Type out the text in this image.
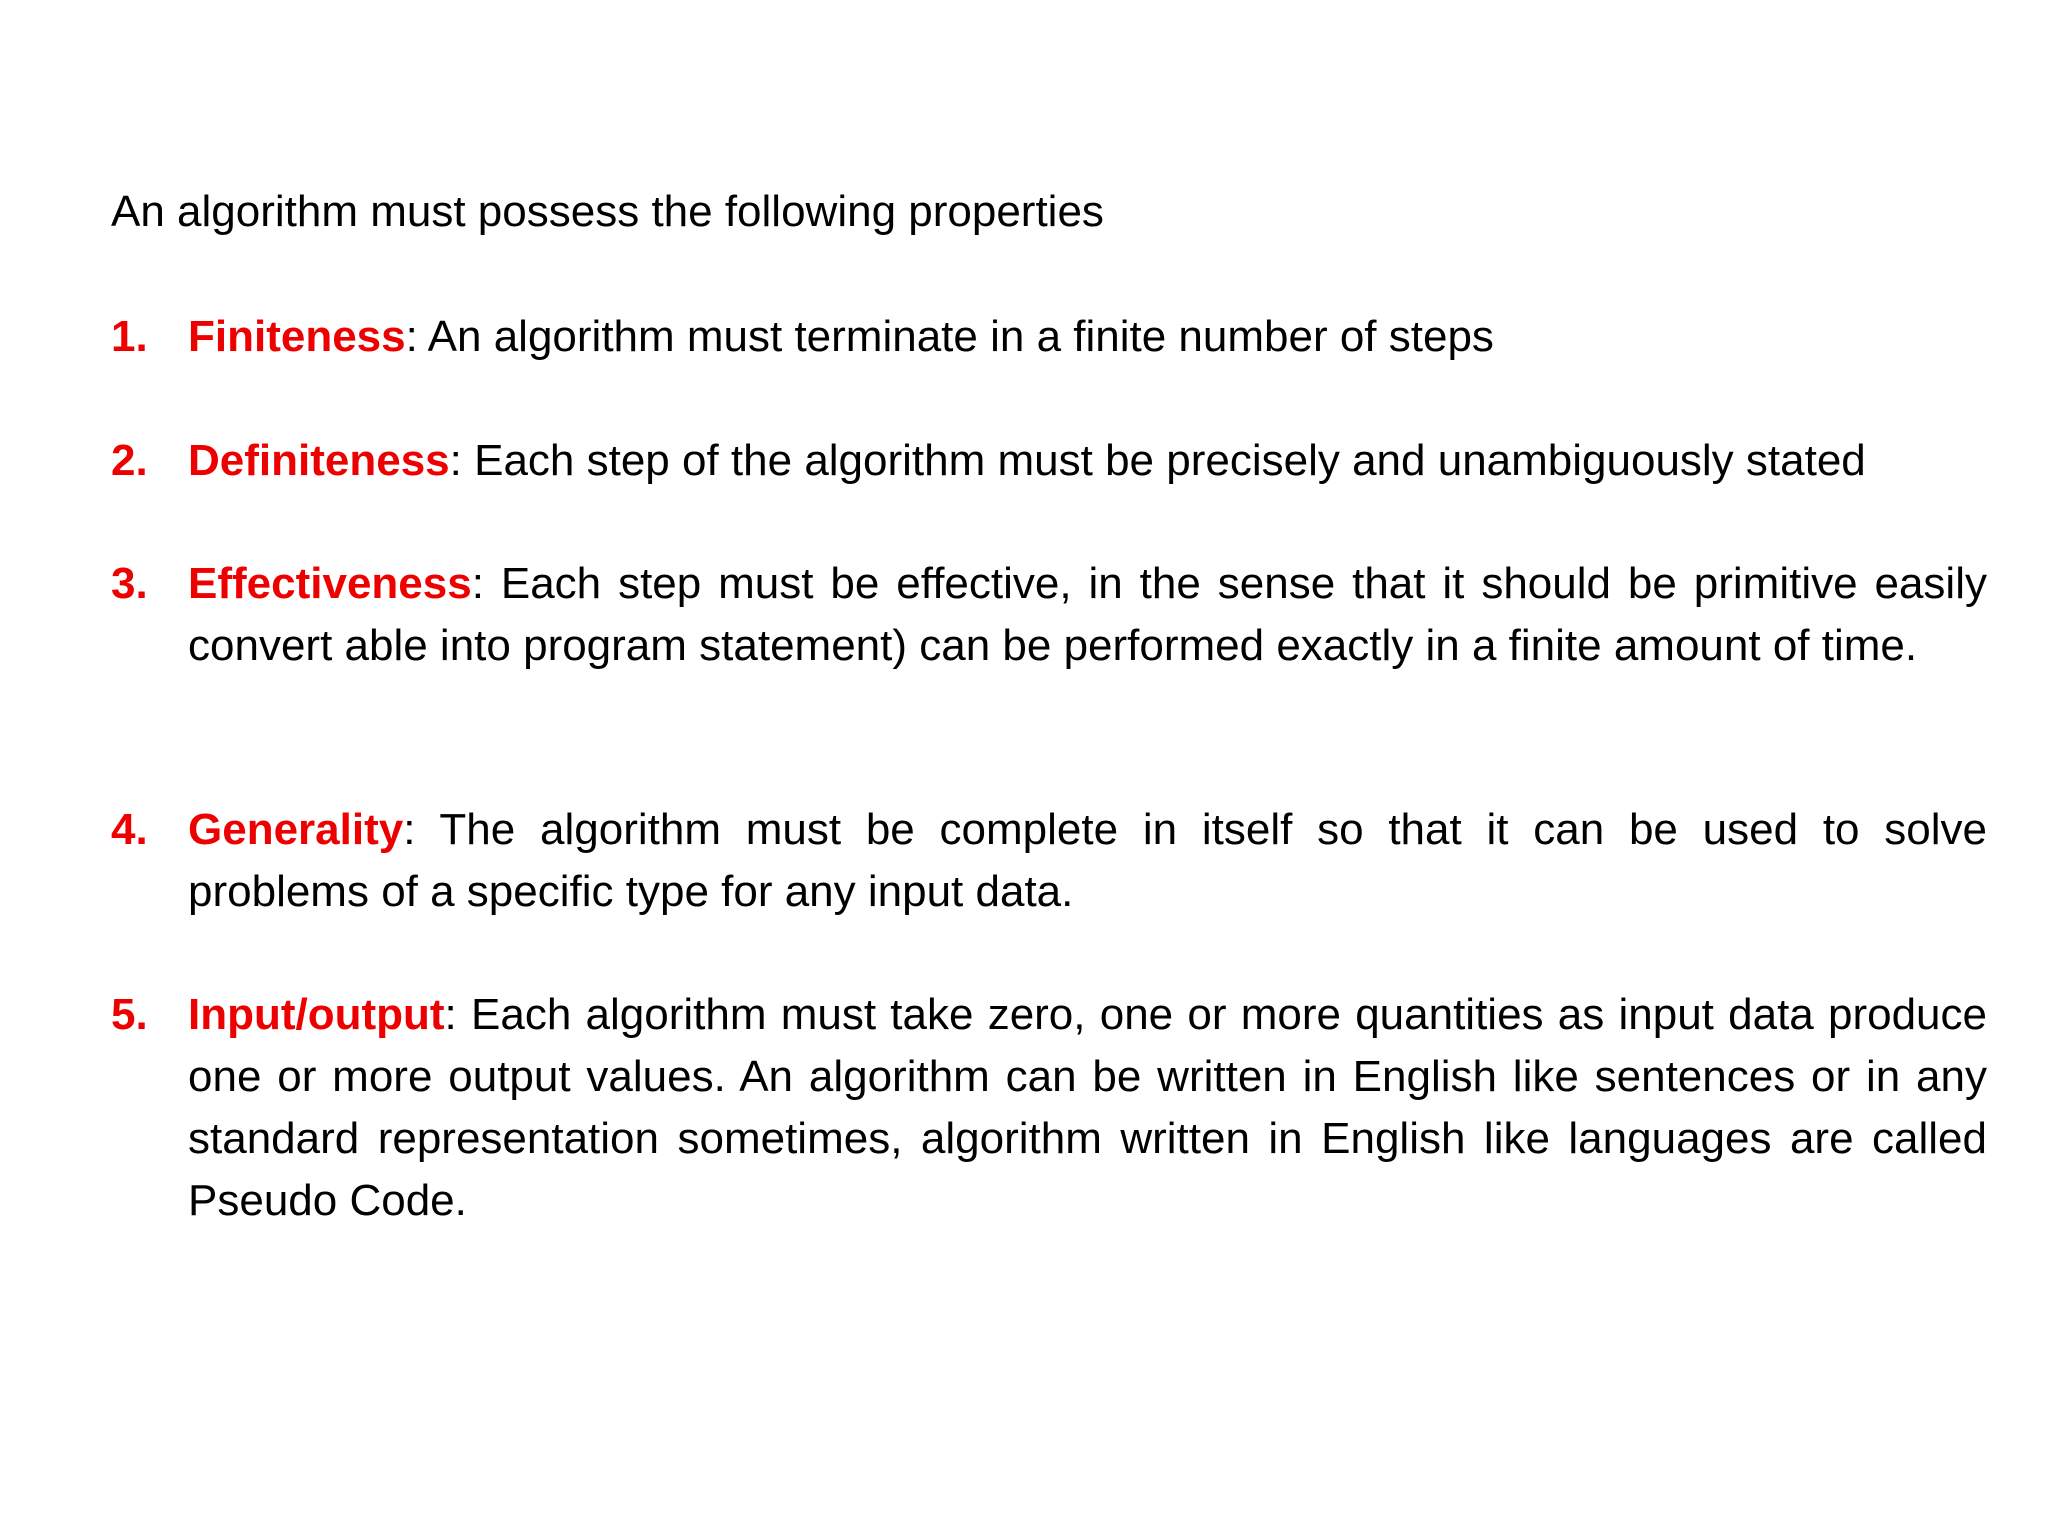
An algorithm must possess the following properties

1. Finiteness: An algorithm must terminate in a finite number of steps
2. Definiteness: Each step of the algorithm must be precisely and unambiguously stated
3. Effectiveness: Each step must be effective, in the sense that it should be primitive easily convert able into program statement) can be performed exactly in a finite amount of time.
4. Generality: The algorithm must be complete in itself so that it can be used to solve problems of a specific type for any input data.
5. Input/output: Each algorithm must take zero, one or more quantities as input data produce one or more output values. An algorithm can be written in English like sentences or in any standard representation sometimes, algorithm written in English like languages are called Pseudo Code.
